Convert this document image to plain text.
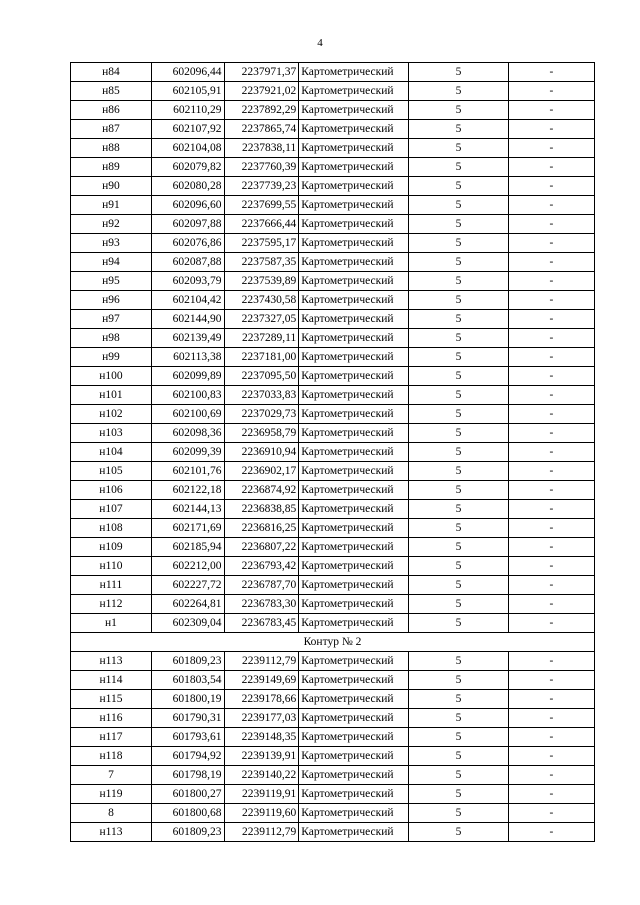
4
н84	602096,44	2237971,37	Картометрический	5	-
н85	602105,91	2237921,02	Картометрический	5	-
н86	602110,29	2237892,29	Картометрический	5	-
н87	602107,92	2237865,74	Картометрический	5	-
н88	602104,08	2237838,11	Картометрический	5	-
н89	602079,82	2237760,39	Картометрический	5	-
н90	602080,28	2237739,23	Картометрический	5	-
н91	602096,60	2237699,55	Картометрический	5	-
н92	602097,88	2237666,44	Картометрический	5	-
н93	602076,86	2237595,17	Картометрический	5	-
н94	602087,88	2237587,35	Картометрический	5	-
н95	602093,79	2237539,89	Картометрический	5	-
н96	602104,42	2237430,58	Картометрический	5	-
н97	602144,90	2237327,05	Картометрический	5	-
н98	602139,49	2237289,11	Картометрический	5	-
н99	602113,38	2237181,00	Картометрический	5	-
н100	602099,89	2237095,50	Картометрический	5	-
н101	602100,83	2237033,83	Картометрический	5	-
н102	602100,69	2237029,73	Картометрический	5	-
н103	602098,36	2236958,79	Картометрический	5	-
н104	602099,39	2236910,94	Картометрический	5	-
н105	602101,76	2236902,17	Картометрический	5	-
н106	602122,18	2236874,92	Картометрический	5	-
н107	602144,13	2236838,85	Картометрический	5	-
н108	602171,69	2236816,25	Картометрический	5	-
н109	602185,94	2236807,22	Картометрический	5	-
н110	602212,00	2236793,42	Картометрический	5	-
н111	602227,72	2236787,70	Картометрический	5	-
н112	602264,81	2236783,30	Картометрический	5	-
н1	602309,04	2236783,45	Картометрический	5	-
Контур № 2					
н113	601809,23	2239112,79	Картометрический	5	-
н114	601803,54	2239149,69	Картометрический	5	-
н115	601800,19	2239178,66	Картометрический	5	-
н116	601790,31	2239177,03	Картометрический	5	-
н117	601793,61	2239148,35	Картометрический	5	-
н118	601794,92	2239139,91	Картометрический	5	-
7	601798,19	2239140,22	Картометрический	5	-
н119	601800,27	2239119,91	Картометрический	5	-
8	601800,68	2239119,60	Картометрический	5	-
н113	601809,23	2239112,79	Картометрический	5	-
